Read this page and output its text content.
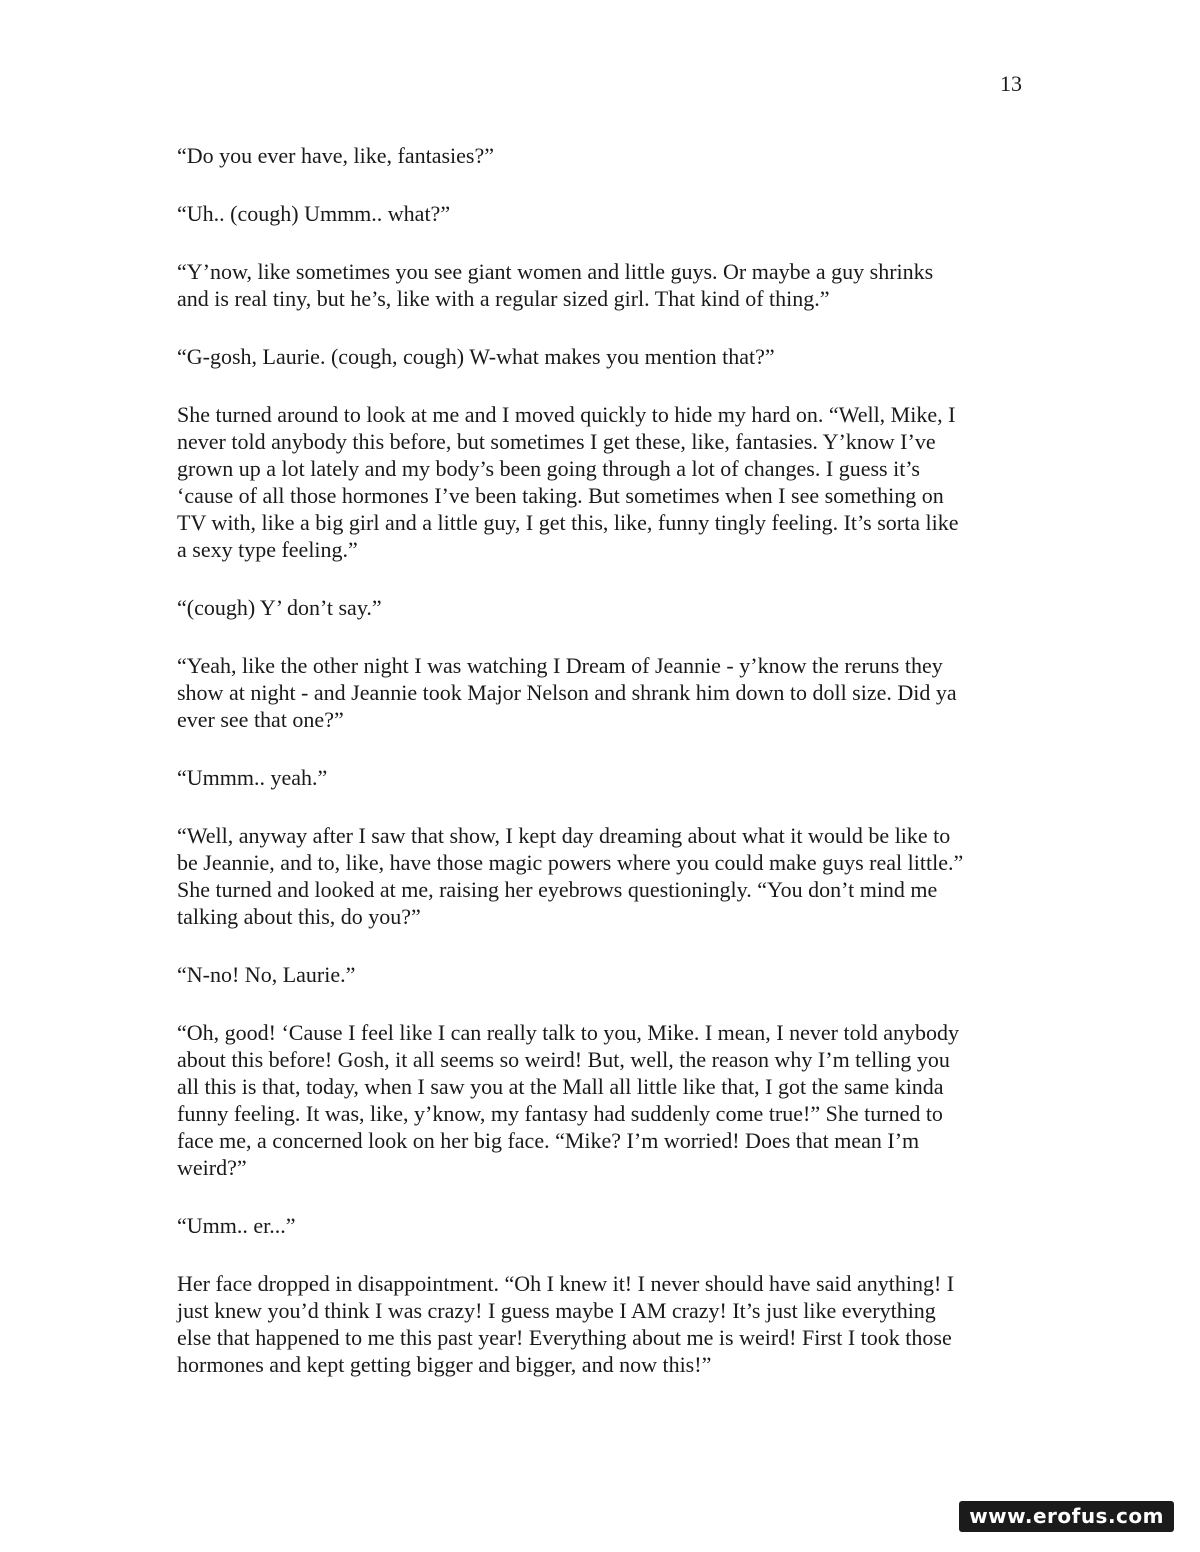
13

“Do you ever have, like, fantasies?”

“Uh.. (cough) Ummm.. what?”

“Y’now, like sometimes you see giant women and little guys. Or maybe a guy shrinks
and is real tiny, but he’s, like with a regular sized girl. That kind of thing.”

“G-gosh, Laurie. (cough, cough) W-what makes you mention that?”

She turned around to look at me and I moved quickly to hide my hard on. “Well, Mike, I
never told anybody this before, but sometimes I get these, like, fantasies. Y’know I’ve
grown up a lot lately and my body’s been going through a lot of changes. I guess it’s
‘cause of all those hormones I’ve been taking. But sometimes when I see something on
TV with, like a big girl and a little guy, I get this, like, funny tingly feeling. It’s sorta like
a sexy type feeling.”

“(cough) Y’ don’t say.”

“Yeah, like the other night I was watching I Dream of Jeannie - y’know the reruns they
show at night - and Jeannie took Major Nelson and shrank him down to doll size. Did ya
ever see that one?”

“Ummm.. yeah.”

“Well, anyway after I saw that show, I kept day dreaming about what it would be like to
be Jeannie, and to, like, have those magic powers where you could make guys real little.”
She turned and looked at me, raising her eyebrows questioningly. “You don’t mind me
talking about this, do you?”

“N-no! No, Laurie.”

“Oh, good! ‘Cause I feel like I can really talk to you, Mike. I mean, I never told anybody
about this before! Gosh, it all seems so weird! But, well, the reason why I’m telling you
all this is that, today, when I saw you at the Mall all little like that, I got the same kinda
funny feeling. It was, like, y’know, my fantasy had suddenly come true!” She turned to
face me, a concerned look on her big face. “Mike? I’m worried! Does that mean I’m
weird?”

“Umm.. er...”

Her face dropped in disappointment. “Oh I knew it! I never should have said anything! I
just knew you’d think I was crazy! I guess maybe I AM crazy! It’s just like everything
else that happened to me this past year! Everything about me is weird! First I took those
hormones and kept getting bigger and bigger, and now this!”

www.erofus.com
